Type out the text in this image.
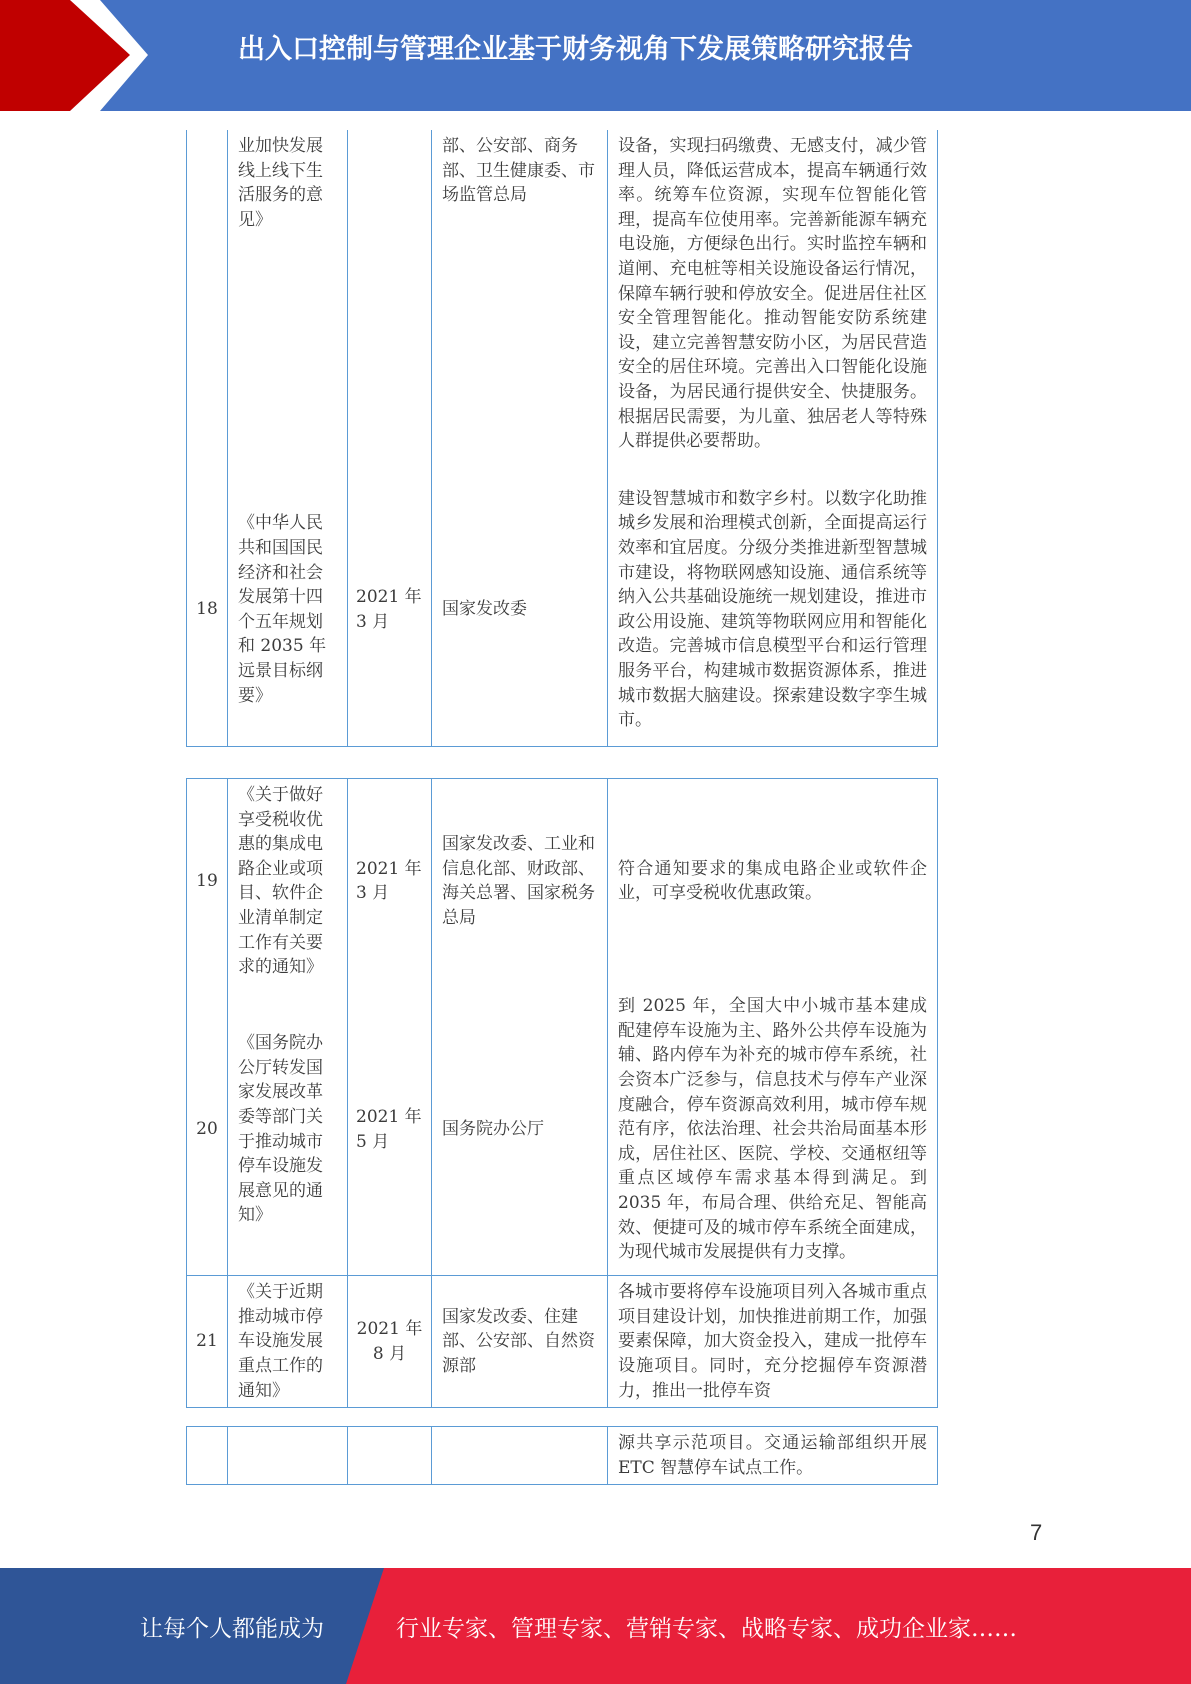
出入口控制与管理企业基于财务视角下发展策略研究报告
	业加快发展线上线下生活服务的意见》		部、公安部、商务部、卫生健康委、市场监管总局	设备，实现扫码缴费、无感支付，减少管理人员，降低运营成本，提高车辆通行效率。统筹车位资源，实现车位智能化管理，提高车位使用率。完善新能源车辆充电设施，方便绿色出行。实时监控车辆和道闸、充电桩等相关设施设备运行情况，保障车辆行驶和停放安全。促进居住社区安全管理智能化。推动智能安防系统建设，建立完善智慧安防小区，为居民营造安全的居住环境。完善出入口智能化设施设备，为居民通行提供安全、快捷服务。根据居民需要，为儿童、独居老人等特殊人群提供必要帮助。
18	《中华人民共和国国民经济和社会发展第十四个五年规划和 2035 年远景目标纲要》	2021 年 3 月	国家发改委	建设智慧城市和数字乡村。以数字化助推城乡发展和治理模式创新，全面提高运行效率和宜居度。分级分类推进新型智慧城市建设，将物联网感知设施、通信系统等纳入公共基础设施统一规划建设，推进市政公用设施、建筑等物联网应用和智能化改造。完善城市信息模型平台和运行管理服务平台，构建城市数据资源体系，推进城市数据大脑建设。探索建设数字孪生城市。
19	《关于做好享受税收优惠的集成电路企业或项目、软件企业清单制定工作有关要求的通知》	2021 年 3 月	国家发改委、工业和信息化部、财政部、海关总署、国家税务总局	符合通知要求的集成电路企业或软件企业，可享受税收优惠政策。
20	《国务院办公厅转发国家发展改革委等部门关于推动城市停车设施发展意见的通知》	2021 年 5 月	国务院办公厅	到 2025 年，全国大中小城市基本建成配建停车设施为主、路外公共停车设施为辅、路内停车为补充的城市停车系统，社会资本广泛参与，信息技术与停车产业深度融合，停车资源高效利用，城市停车规范有序，依法治理、社会共治局面基本形成，居住社区、医院、学校、交通枢纽等重点区域停车需求基本得到满足。到 2035 年，布局合理、供给充足、智能高效、便捷可及的城市停车系统全面建成，为现代城市发展提供有力支撑。
21	《关于近期推动城市停车设施发展重点工作的通知》	2021 年 8 月	国家发改委、住建部、公安部、自然资源部	各城市要将停车设施项目列入各城市重点项目建设计划，加快推进前期工作，加强要素保障，加大资金投入，建成一批停车设施项目。同时，充分挖掘停车资源潜力，推出一批停车资
				源共享示范项目。交通运输部组织开展 ETC 智慧停车试点工作。
7
让每个人都能成为	行业专家、管理专家、营销专家、战略专家、成功企业家……
